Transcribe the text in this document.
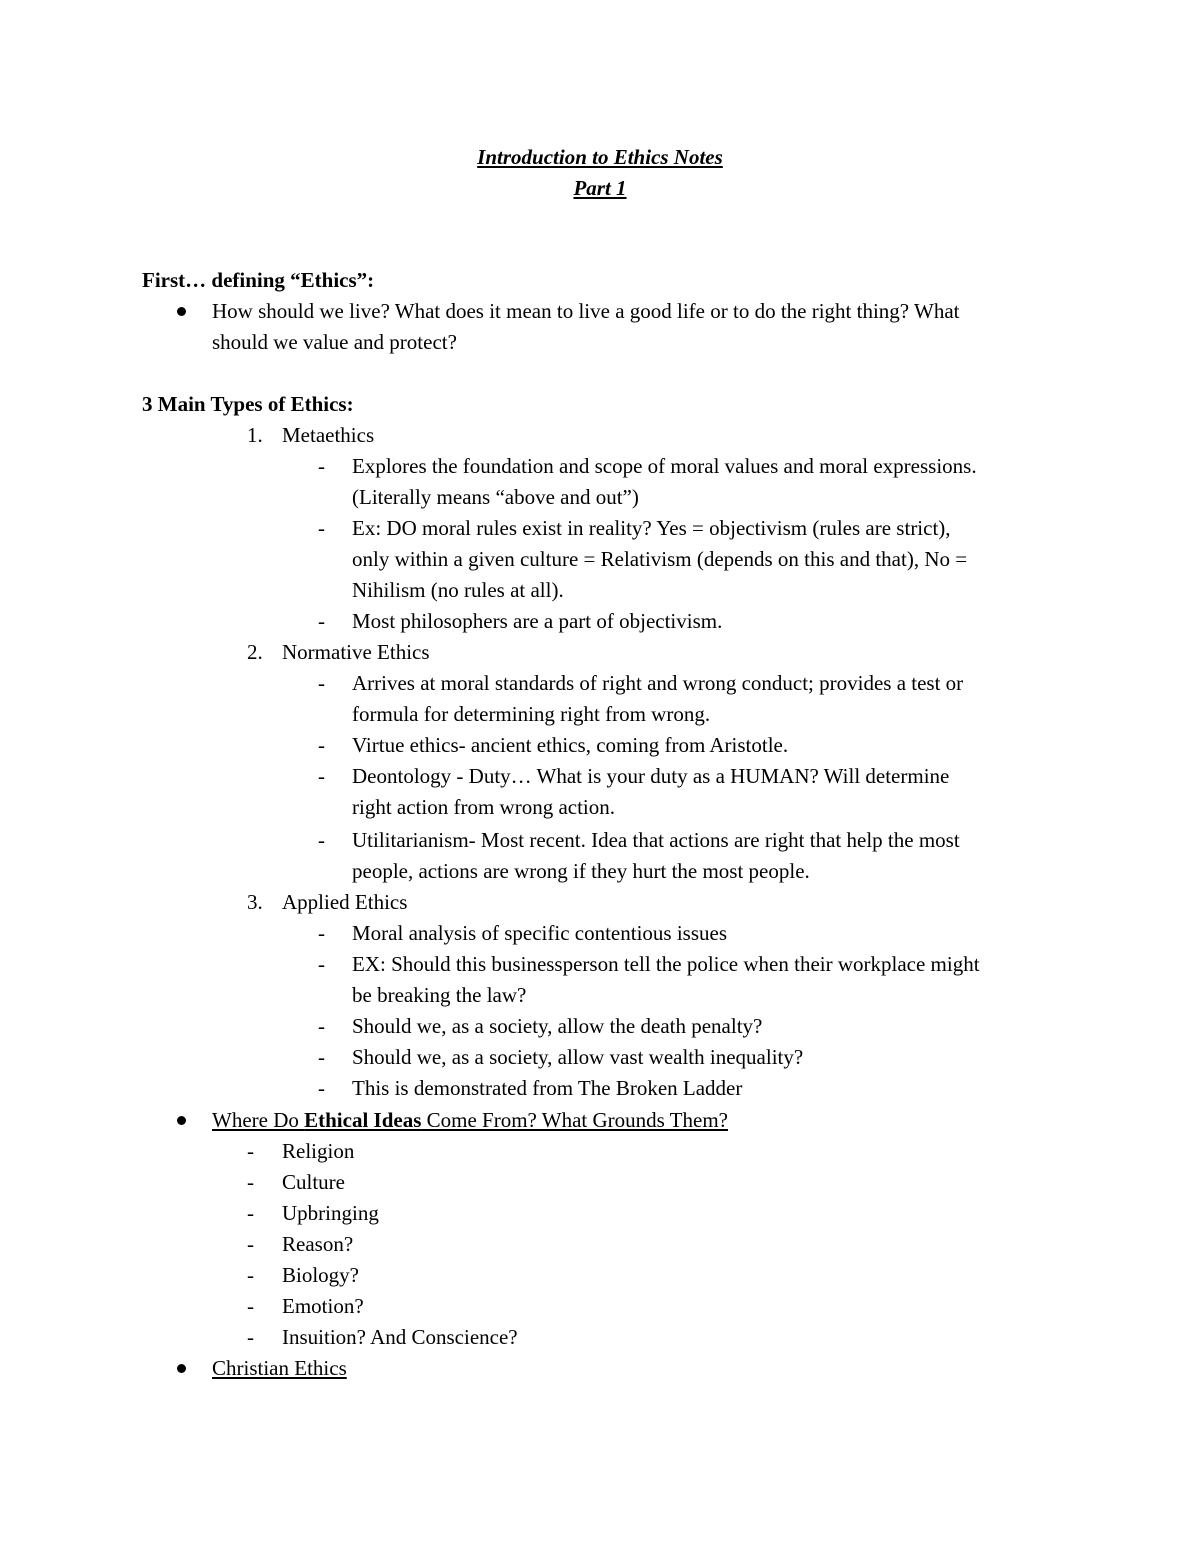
Introduction to Ethics Notes
Part 1
First… defining “Ethics”:
How should we live? What does it mean to live a good life or to do the right thing? What
should we value and protect?
3 Main Types of Ethics:
1. Metaethics
- Explores the foundation and scope of moral values and moral expressions.
(Literally means “above and out”)
- Ex: DO moral rules exist in reality? Yes = objectivism (rules are strict),
only within a given culture = Relativism (depends on this and that), No =
Nihilism (no rules at all).
- Most philosophers are a part of objectivism.
2. Normative Ethics
- Arrives at moral standards of right and wrong conduct; provides a test or
formula for determining right from wrong.
- Virtue ethics- ancient ethics, coming from Aristotle.
- Deontology - Duty… What is your duty as a HUMAN? Will determine
right action from wrong action.
- Utilitarianism- Most recent. Idea that actions are right that help the most
people, actions are wrong if they hurt the most people.
3. Applied Ethics
- Moral analysis of specific contentious issues
- EX: Should this businessperson tell the police when their workplace might
be breaking the law?
- Should we, as a society, allow the death penalty?
- Should we, as a society, allow vast wealth inequality?
- This is demonstrated from The Broken Ladder
Where Do Ethical Ideas Come From? What Grounds Them?
- Religion
- Culture
- Upbringing
- Reason?
- Biology?
- Emotion?
- Insuition? And Conscience?
Christian Ethics
